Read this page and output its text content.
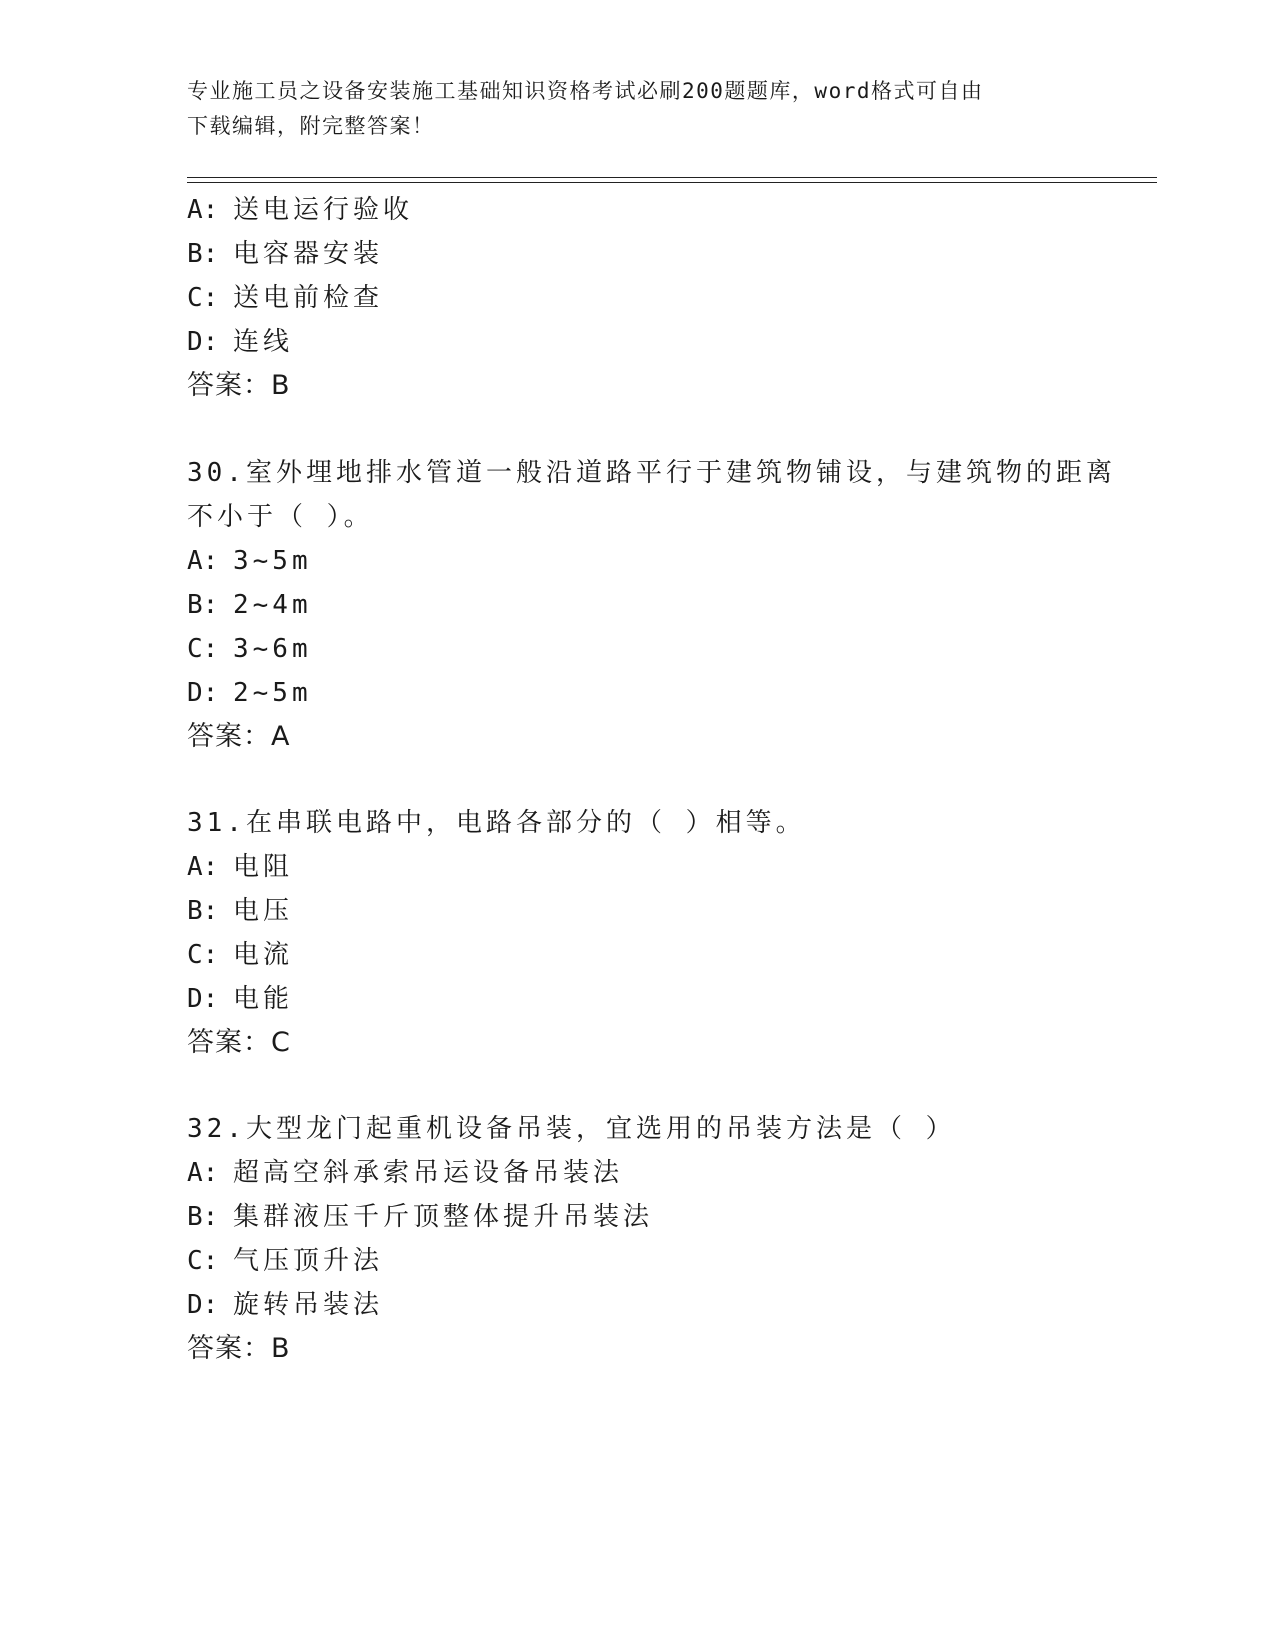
专业施工员之设备安装施工基础知识资格考试必刷200题题库，word格式可自由
下载编辑，附完整答案！
A: 送电运行验收
B: 电容器安装
C: 送电前检查
D: 连线
答案：B
30.室外埋地排水管道一般沿道路平行于建筑物铺设，与建筑物的距离
不小于（ ）。
A: 3~5m
B: 2~4m
C: 3~6m
D: 2~5m
答案：A
31.在串联电路中，电路各部分的（ ）相等。
A: 电阻
B: 电压
C: 电流
D: 电能
答案：C
32.大型龙门起重机设备吊装，宜选用的吊装方法是（ ）
A: 超高空斜承索吊运设备吊装法
B: 集群液压千斤顶整体提升吊装法
C: 气压顶升法
D: 旋转吊装法
答案：B
